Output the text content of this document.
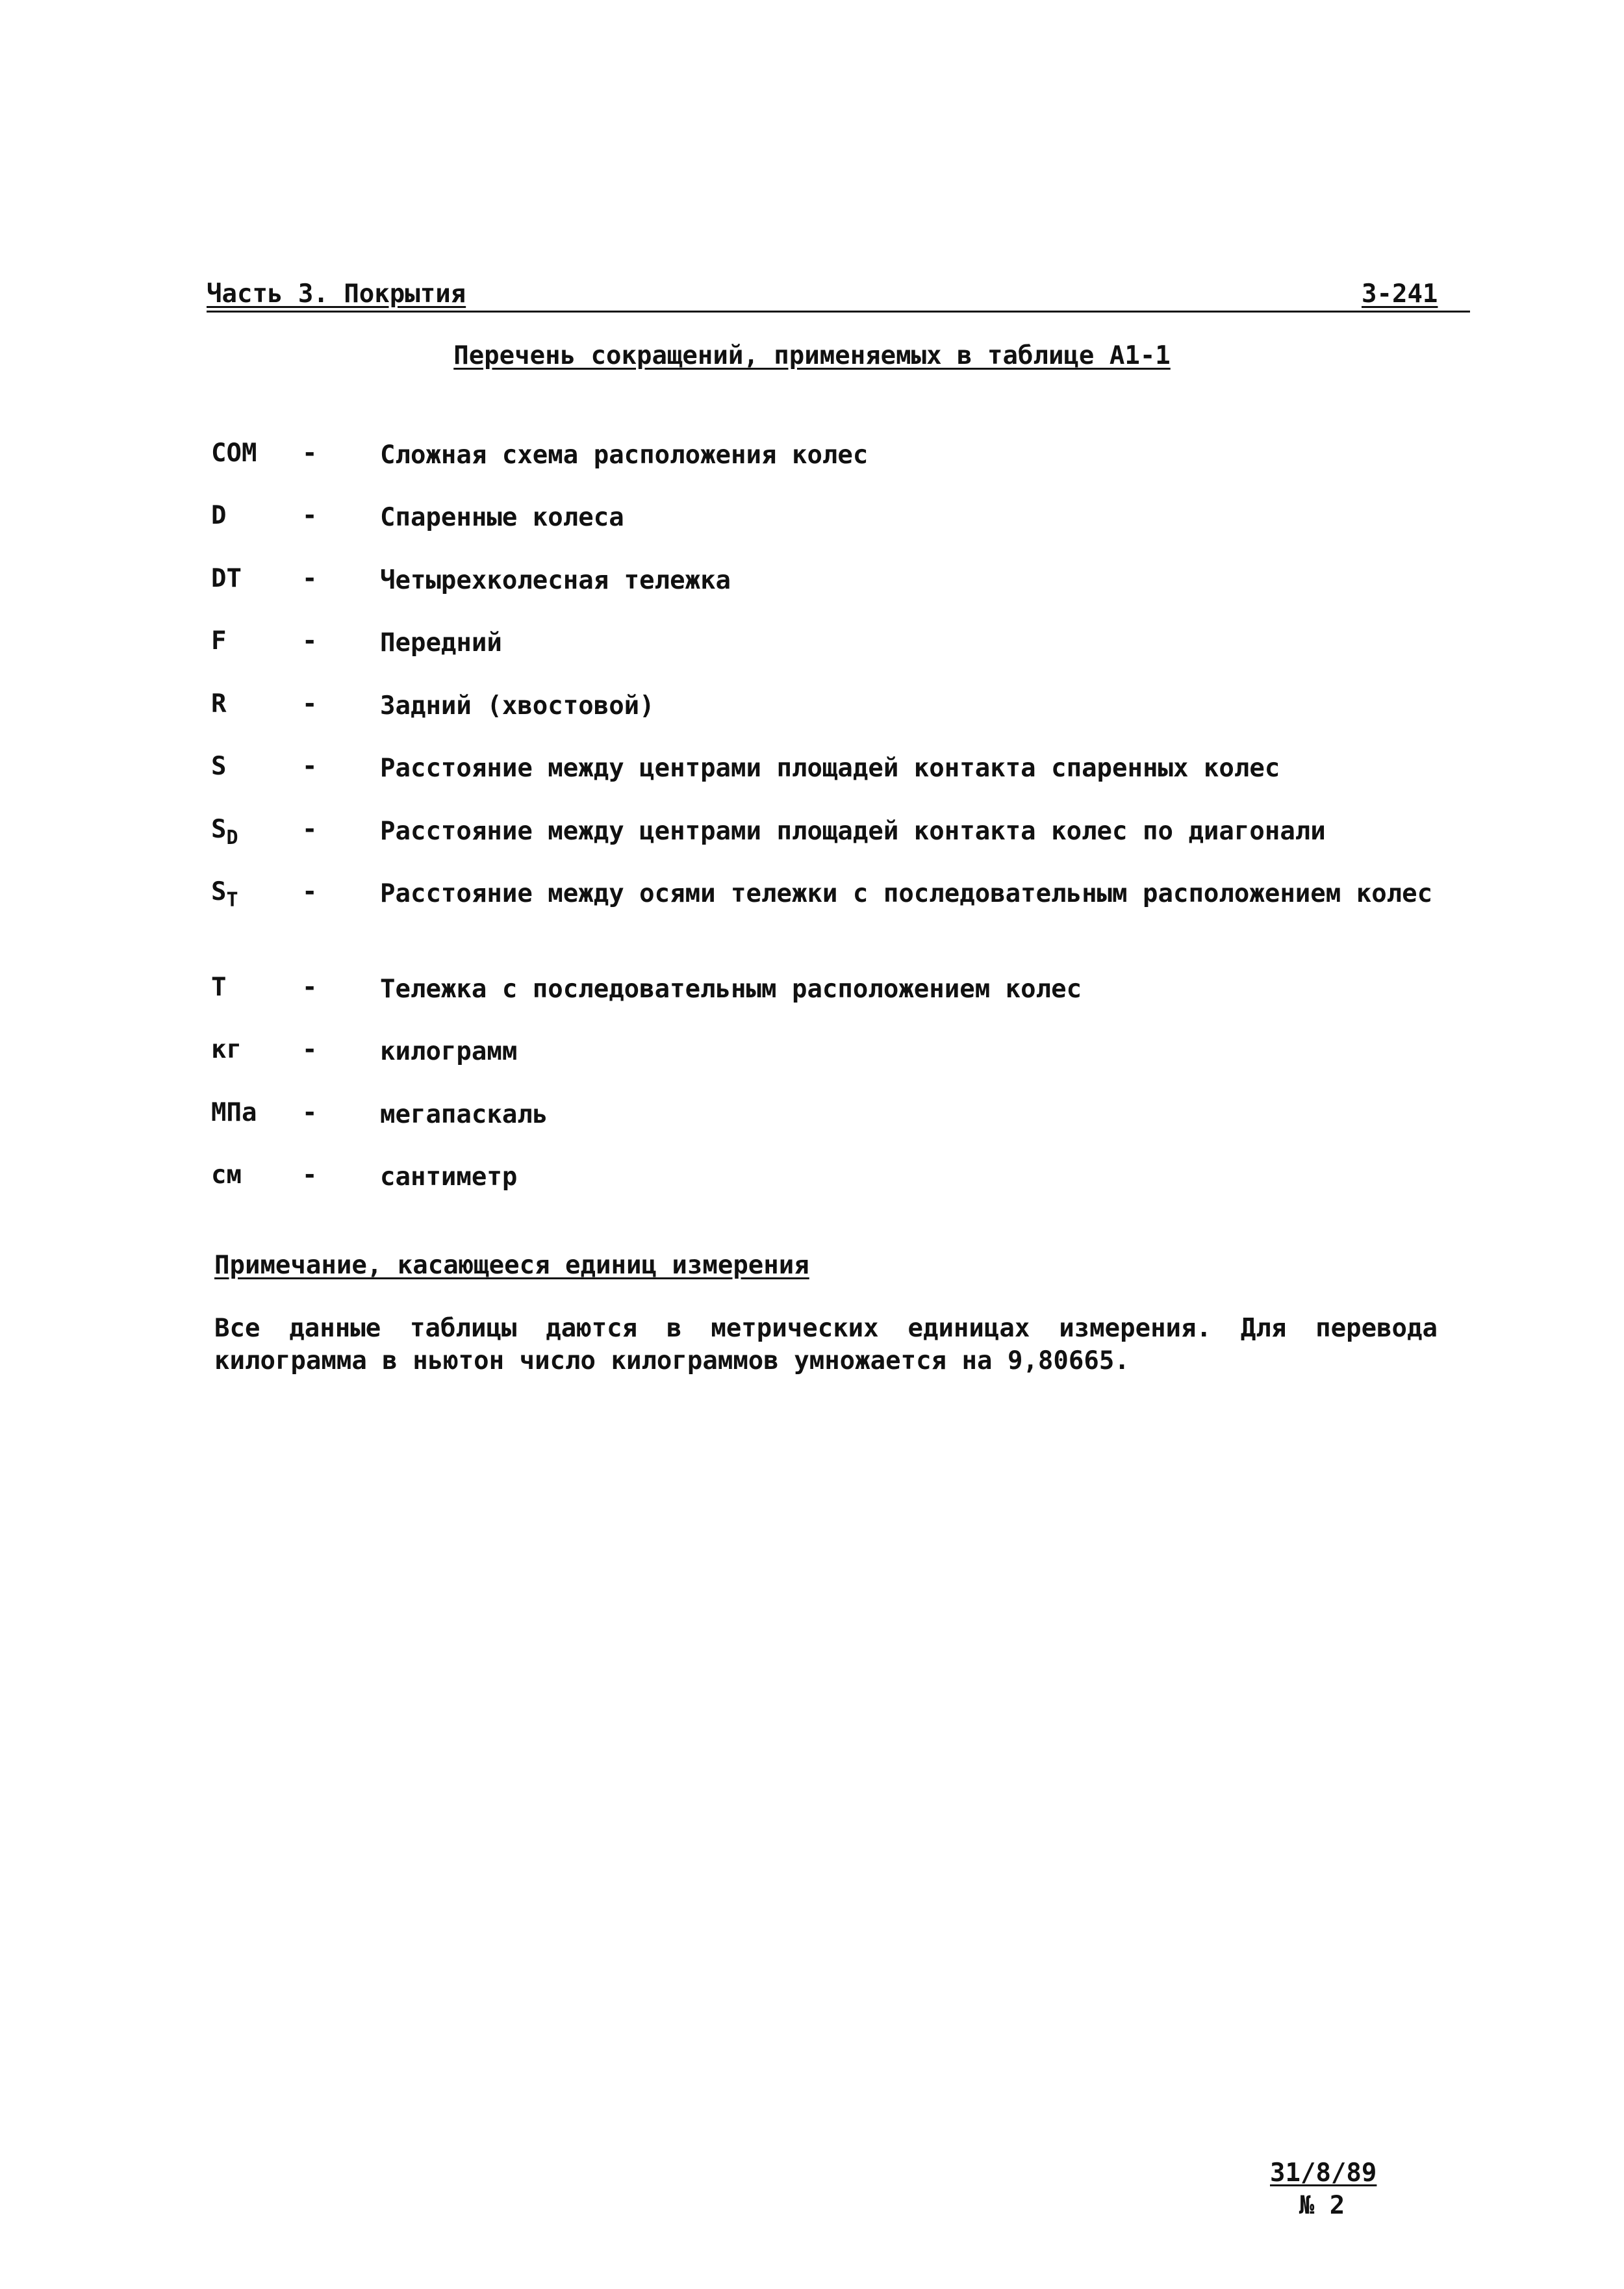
Часть 3. Покрытия	3-241
Перечень сокращений, применяемых в таблице А1-1
COM - Сложная схема расположения колес
D	- Спаренные колеса
DT - Четырехколесная тележка
F	- Передний
R	- Задний (хвостовой)
S	- Расстояние между центрами площадей контакта спаренных колес
$S_D$	- Расстояние между центрами площадей контакта колес по диагонали
$S_T$	- Расстояние между осями тележки с последовательным расположением колес
T	- Тележка с последовательным расположением колес
кг - килограмм
МПа - мегапаскаль
см - сантиметр
Примечание, касающееся единиц измерения
Все данные таблицы даются в метрических единицах измерения. Для перевода килограмма в ньютон число килограммов умножается на 9,80665.
31/8/89
№ 2
